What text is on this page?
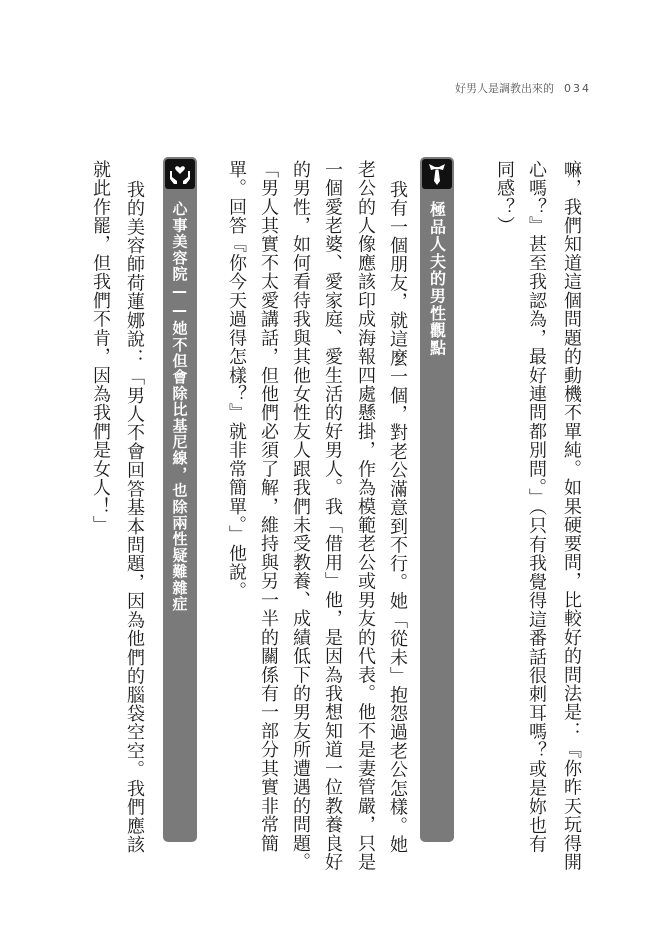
好男人是調教出來的 034
嘛，我們知道這個問題的動機不單純。如果硬要問，比較好的問法是：『你昨天玩得開
心嗎？』甚至我認為，最好連問都別問。」（只有我覺得這番話很刺耳嗎？或是妳也有
同感？）
極品人夫的男性觀點
我有一個朋友，就這麼一個，對老公滿意到不行。她「從未」抱怨過老公怎樣。她
老公的人像應該印成海報四處懸掛，作為模範老公或男友的代表。他不是妻管嚴，只是
一個愛老婆、愛家庭、愛生活的好男人。我「借用」他，是因為我想知道一位教養良好
的男性，如何看待我與其他女性友人跟我們未受教養、成績低下的男友所遭遇的問題。
「男人其實不太愛講話，但他們必須了解，維持與另一半的關係有一部分其實非常簡
單。回答『你今天過得怎樣？』就非常簡單。」他說。
心事美容院——她不但會除比基尼線，也除兩性疑難雜症
我的美容師荷蓮娜說：「男人不會回答基本問題，因為他們的腦袋空空。我們應該
就此作罷，但我們不肯，因為我們是女人！」
